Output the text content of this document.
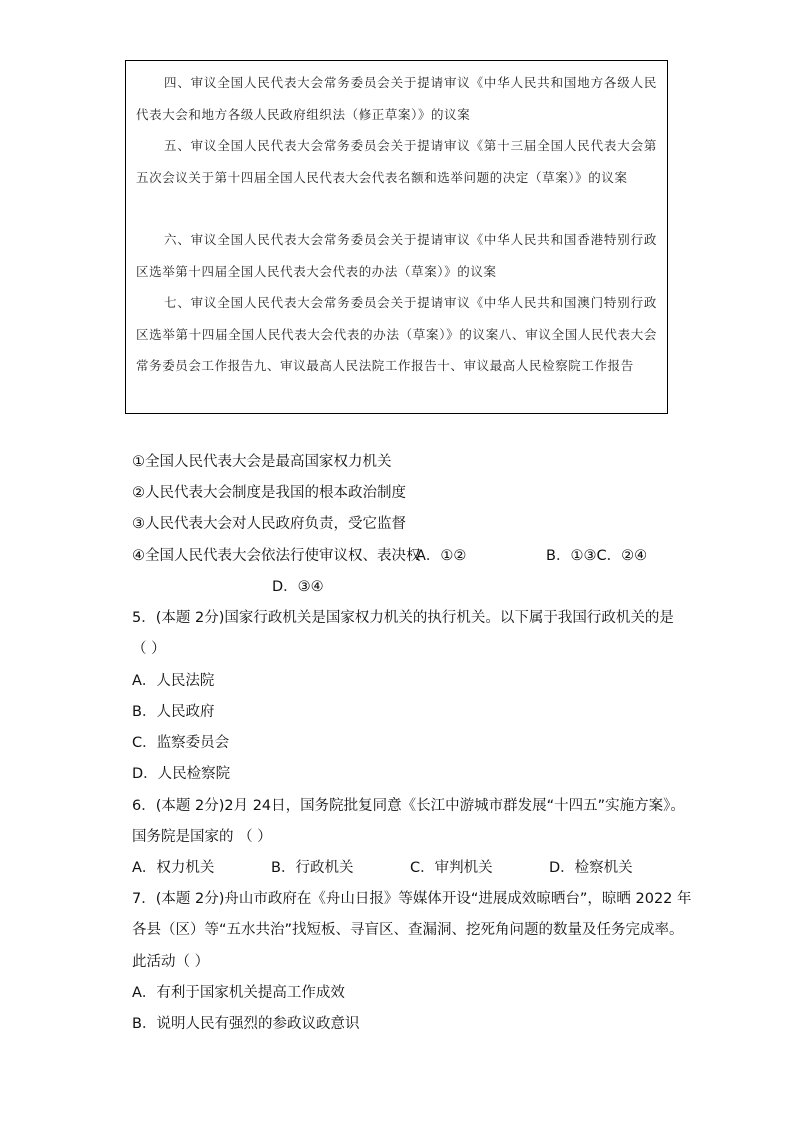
四、审议全国人民代表大会常务委员会关于提请审议《中华人民共和国地方各级人民代表大会和地方各级人民政府组织法（修正草案）》的议案

五、审议全国人民代表大会常务委员会关于提请审议《第十三届全国人民代表大会第五次会议关于第十四届全国人民代表大会代表名额和选举问题的决定（草案）》的议案

六、审议全国人民代表大会常务委员会关于提请审议《中华人民共和国香港特别行政区选举第十四届全国人民代表大会代表的办法（草案）》的议案

七、审议全国人民代表大会常务委员会关于提请审议《中华人民共和国澳门特别行政区选举第十四届全国人民代表大会代表的办法（草案）》的议案八、审议全国人民代表大会常务委员会工作报告九、审议最高人民法院工作报告十、审议最高人民检察院工作报告

①全国人民代表大会是最高国家权力机关
②人民代表大会制度是我国的根本政治制度
③人民代表大会对人民政府负责，受它监督
④全国人民代表大会依法行使审议权、表决权
A．①②	B．①③C．②④
D．③④
5．(本题 2分)国家行政机关是国家权力机关的执行机关。以下属于我国行政机关的是
（ ）
A．人民法院
B．人民政府
C．监察委员会
D．人民检察院
6．(本题 2分)2月 24日，国务院批复同意《长江中游城市群发展“十四五”实施方案》。
国务院是国家的 （ ）
A．权力机关	B．行政机关	C．审判机关	D．检察机关
7．(本题 2分)舟山市政府在《舟山日报》等媒体开设“进展成效晾晒台”，晾晒 2022 年
各县（区）等“五水共治”找短板、寻盲区、查漏洞、挖死角问题的数量及任务完成率。
此活动（ ）
A．有利于国家机关提高工作成效
B．说明人民有强烈的参政议政意识
